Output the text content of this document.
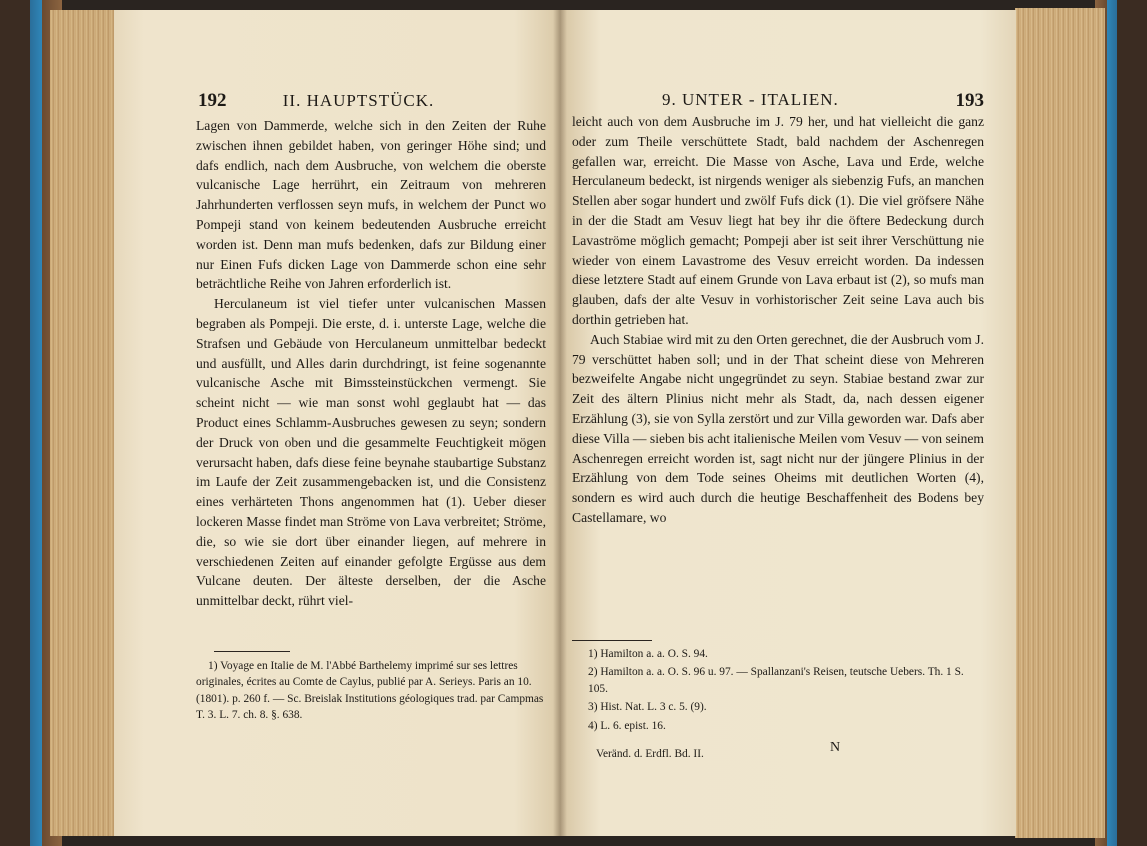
192	II. HAUPTSTÜCK.

Lagen von Dammerde, welche sich in den Zeiten der Ruhe zwischen ihnen gebildet haben, von geringer Höhe sind; und dafs endlich, nach dem Ausbruche, von welchem die oberste vulcanische Lage herrührt, ein Zeitraum von mehreren Jahrhunderten verflossen seyn mufs, in welchem der Punct wo Pompeji stand von keinem bedeutenden Ausbruche erreicht worden ist. Denn man mufs bedenken, dafs zur Bildung einer nur Einen Fufs dicken Lage von Dammerde schon eine sehr beträchtliche Reihe von Jahren erforderlich ist.

Herculaneum ist viel tiefer unter vulcanischen Massen begraben als Pompeji. Die erste, d. i. unterste Lage, welche die Strafsen und Gebäude von Herculaneum unmittelbar bedeckt und ausfüllt, und Alles darin durchdringt, ist feine sogenannte vulcanische Asche mit Bimssteinstückchen vermengt. Sie scheint nicht — wie man sonst wohl geglaubt hat — das Product eines Schlamm-Ausbruches gewesen zu seyn; sondern der Druck von oben und die gesammelte Feuchtigkeit mögen verursacht haben, dafs diese feine beynahe staubartige Substanz im Laufe der Zeit zusammengebacken ist, und die Consistenz eines verhärteten Thons angenommen hat (1). Ueber dieser lockeren Masse findet man Ströme von Lava verbreitet; Ströme, die, so wie sie dort über einander liegen, auf mehrere in verschiedenen Zeiten auf einander gefolgte Ergüsse aus dem Vulcane deuten. Der älteste derselben, der die Asche unmittelbar deckt, rührt viel-

1) Voyage en Italie de M. l'Abbé Barthelemy imprimé sur ses lettres originales, écrites au Comte de Caylus, publié par A. Serieys. Paris an 10. (1801). p. 260 f. — Sc. Breislak Institutions géologiques trad. par Campmas T. 3. L. 7. ch. 8. §. 638.

9. UNTER - ITALIEN.	193

leicht auch von dem Ausbruche im J. 79 her, und hat vielleicht die ganz oder zum Theile verschüttete Stadt, bald nachdem der Aschenregen gefallen war, erreicht. Die Masse von Asche, Lava und Erde, welche Herculaneum bedeckt, ist nirgends weniger als siebenzig Fufs, an manchen Stellen aber sogar hundert und zwölf Fufs dick (1). Die viel gröfsere Nähe in der die Stadt am Vesuv liegt hat bey ihr die öftere Bedeckung durch Lavaströme möglich gemacht; Pompeji aber ist seit ihrer Verschüttung nie wieder von einem Lavastrome des Vesuv erreicht worden. Da indessen diese letztere Stadt auf einem Grunde von Lava erbaut ist (2), so mufs man glauben, dafs der alte Vesuv in vorhistorischer Zeit seine Lava auch bis dorthin getrieben hat.

Auch Stabiae wird mit zu den Orten gerechnet, die der Ausbruch vom J. 79 verschüttet haben soll; und in der That scheint diese von Mehreren bezweifelte Angabe nicht ungegründet zu seyn. Stabiae bestand zwar zur Zeit des ältern Plinius nicht mehr als Stadt, da, nach dessen eigener Erzählung (3), sie von Sylla zerstört und zur Villa geworden war. Dafs aber diese Villa — sieben bis acht italienische Meilen vom Vesuv — von seinem Aschenregen erreicht worden ist, sagt nicht nur der jüngere Plinius in der Erzählung von dem Tode seines Oheims mit deutlichen Worten (4), sondern es wird auch durch die heutige Beschaffenheit des Bodens bey Castellamare, wo

1) Hamilton a. a. O. S. 94.

2) Hamilton a. a. O. S. 96 u. 97. — Spallanzani's Reisen, teutsche Uebers. Th. 1 S. 105.

3) Hist. Nat. L. 3 c. 5. (9).

4) L. 6. epist. 16.

Veränd. d. Erdfl. Bd. II.	N
